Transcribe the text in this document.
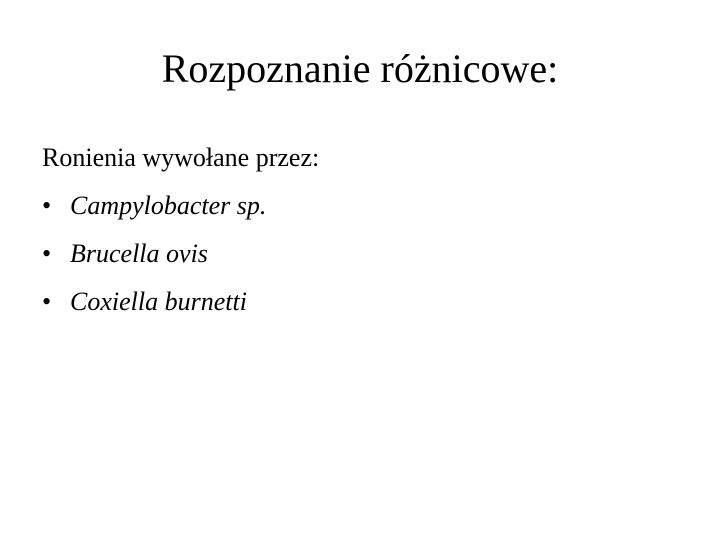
Rozpoznanie różnicowe:
Ronienia wywołane przez:
• Campylobacter sp.
• Brucella ovis
• Coxiella burnetti
